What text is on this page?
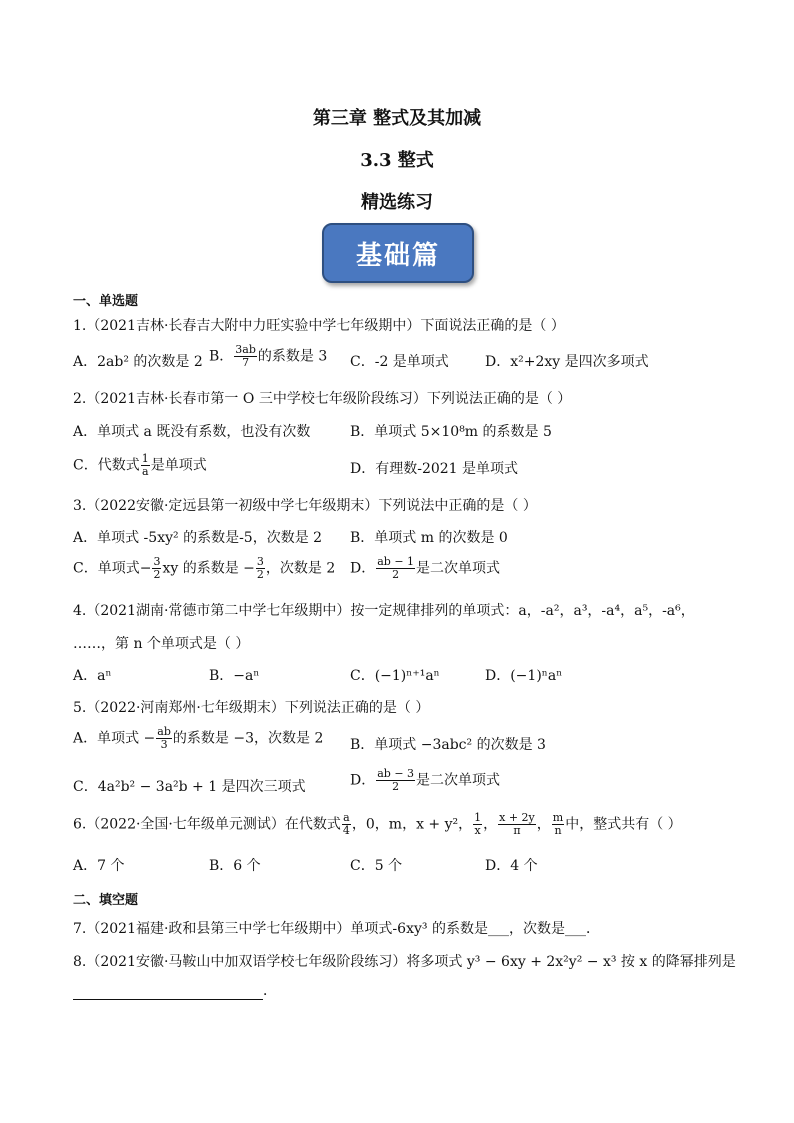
第三章 整式及其加减
3.3 整式
精选练习
基础篇
一、单选题
1.（2021吉林·长春吉大附中力旺实验中学七年级期中）下面说法正确的是（ ）
A．2ab² 的次数是 2 B． $\frac{3ab}{7}$ 的系数是 3 C．-2 是单项式	D．x²+2xy 是四次多项式
2.（2021吉林·长春市第一 O 三中学校七年级阶段练习）下列说法正确的是（ ）
A．单项式 a 既没有系数，也没有次数	B．单项式 5×10⁸m 的系数是 5
C．代数式 $\frac{1}{a}$ 是单项式	D．有理数-2021 是单项式
3.（2022安徽·定远县第一初级中学七年级期末）下列说法中正确的是（ ）
A．单项式 -5xy² 的系数是-5，次数是 2 B．单项式 m 的次数是 0
C．单项式− $\frac{3}{2}$ xy 的系数是 − $\frac{3}{2}$ ，次数是 2 D． $\frac{ab - 1}{2}$ 是二次单项式
4.（2021湖南·常德市第二中学七年级期中）按一定规律排列的单项式：a，-a²，a³，-a⁴，a⁵，-a⁶，
……，第 n 个单项式是（ ）
A．aⁿ	B．−aⁿ	C．(−1)ⁿ⁺¹aⁿ	D．(−1)ⁿaⁿ
5.（2022·河南郑州·七年级期末）下列说法正确的是（ ）
A．单项式 − $\frac{ab}{3}$ 的系数是 −3，次数是 2 B．单项式 −3abc² 的次数是 3
C．4a²b² − 3a²b + 1 是四次三项式	D． $\frac{ab - 3}{2}$ 是二次单项式
6.（2022·全国·七年级单元测试）在代数式 $\frac{a}{4}$ ，0，m，x + y²， $\frac{1}{x}$ ， $\frac{x + 2y}{\pi}$ ， $\frac{m}{n}$ 中，整式共有（ ）
A．7 个	B．6 个	C．5 个	D．4 个
二、填空题
7.（2021福建·政和县第三中学七年级期中）单项式-6xy³ 的系数是___，次数是___．
8.（2021安徽·马鞍山中加双语学校七年级阶段练习）将多项式 y³ − 6xy + 2x²y² − x³ 按 x 的降幂排列是
．
